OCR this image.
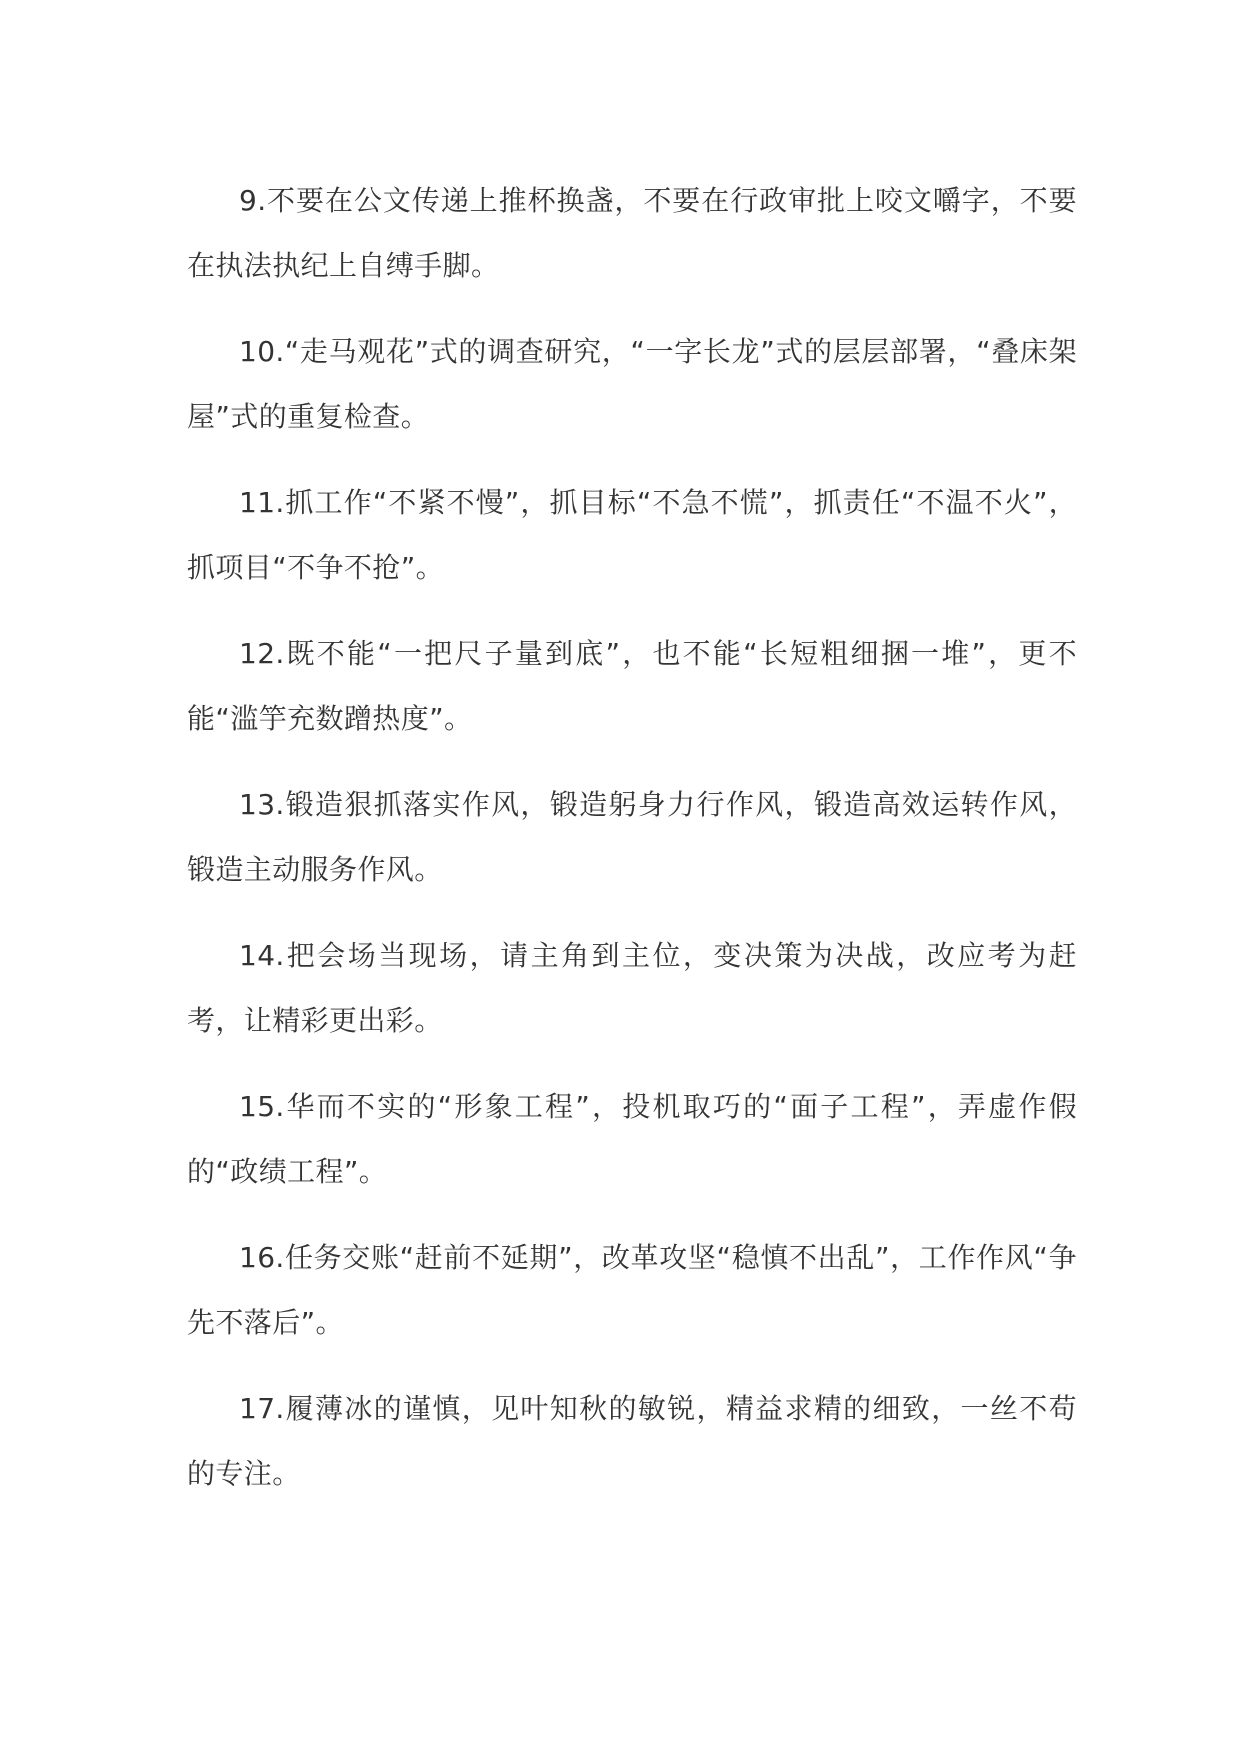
9.不要在公文传递上推杯换盏，不要在行政审批上咬文嚼字，不要在执法执纪上自缚手脚。

10.“走马观花”式的调查研究，“一字长龙”式的层层部署，“叠床架屋”式的重复检查。

11.抓工作“不紧不慢”，抓目标“不急不慌”，抓责任“不温不火”，抓项目“不争不抢”。

12.既不能“一把尺子量到底”，也不能“长短粗细捆一堆”，更不能“滥竽充数蹭热度”。

13.锻造狠抓落实作风，锻造躬身力行作风，锻造高效运转作风，锻造主动服务作风。

14.把会场当现场，请主角到主位，变决策为决战，改应考为赶考，让精彩更出彩。

15.华而不实的“形象工程”，投机取巧的“面子工程”，弄虚作假的“政绩工程”。

16.任务交账“赶前不延期”，改革攻坚“稳慎不出乱”，工作作风“争先不落后”。

17.履薄冰的谨慎，见叶知秋的敏锐，精益求精的细致，一丝不苟的专注。
